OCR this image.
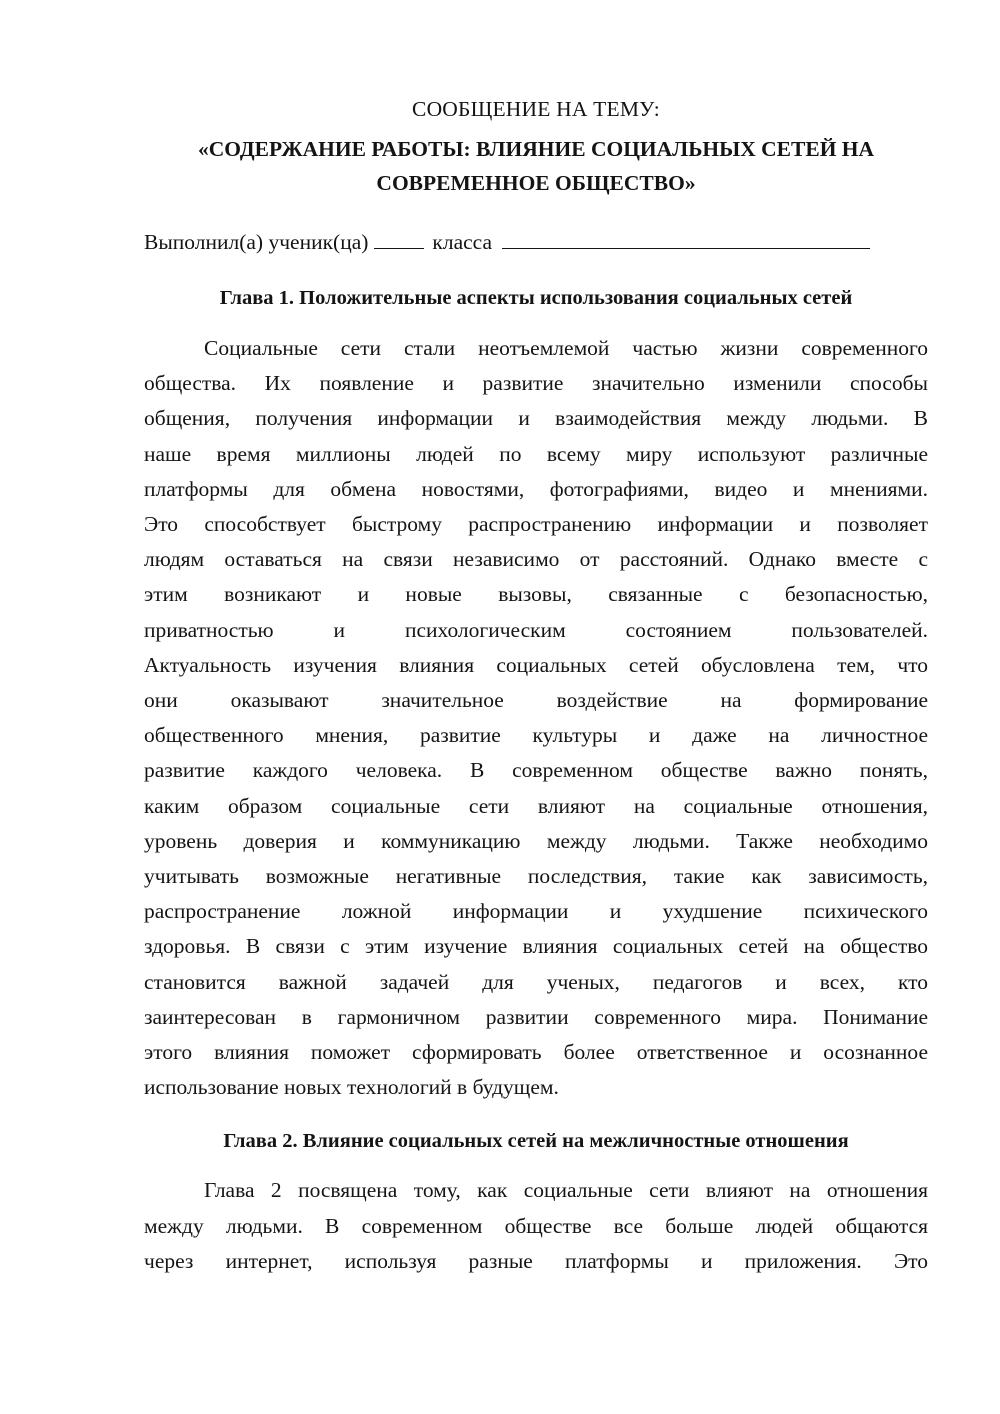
СООБЩЕНИЕ НА ТЕМУ:

«СОДЕРЖАНИЕ РАБОТЫ: ВЛИЯНИЕ СОЦИАЛЬНЫХ СЕТЕЙ НА
СОВРЕМЕННОЕ ОБЩЕСТВО»

Выполнил(а) ученик(ца)	класса

Глава 1. Положительные аспекты использования социальных сетей

Социальные сети стали неотъемлемой частью жизни современного
общества. Их появление и развитие значительно изменили способы
общения, получения информации и взаимодействия между людьми. В
наше время миллионы людей по всему миру используют различные
платформы для обмена новостями, фотографиями, видео и мнениями.
Это способствует быстрому распространению информации и позволяет
людям оставаться на связи независимо от расстояний. Однако вместе с
этим возникают и новые вызовы, связанные с безопасностью,
приватностью и психологическим состоянием пользователей.
Актуальность изучения влияния социальных сетей обусловлена тем, что
они оказывают значительное воздействие на формирование
общественного мнения, развитие культуры и даже на личностное
развитие каждого человека. В современном обществе важно понять,
каким образом социальные сети влияют на социальные отношения,
уровень доверия и коммуникацию между людьми. Также необходимо
учитывать возможные негативные последствия, такие как зависимость,
распространение ложной информации и ухудшение психического
здоровья. В связи с этим изучение влияния социальных сетей на общество
становится важной задачей для ученых, педагогов и всех, кто
заинтересован в гармоничном развитии современного мира. Понимание
этого влияния поможет сформировать более ответственное и осознанное
использование новых технологий в будущем.

Глава 2. Влияние социальных сетей на межличностные отношения

Глава 2 посвящена тому, как социальные сети влияют на отношения
между людьми. В современном обществе все больше людей общаются
через интернет, используя разные платформы и приложения. Это
